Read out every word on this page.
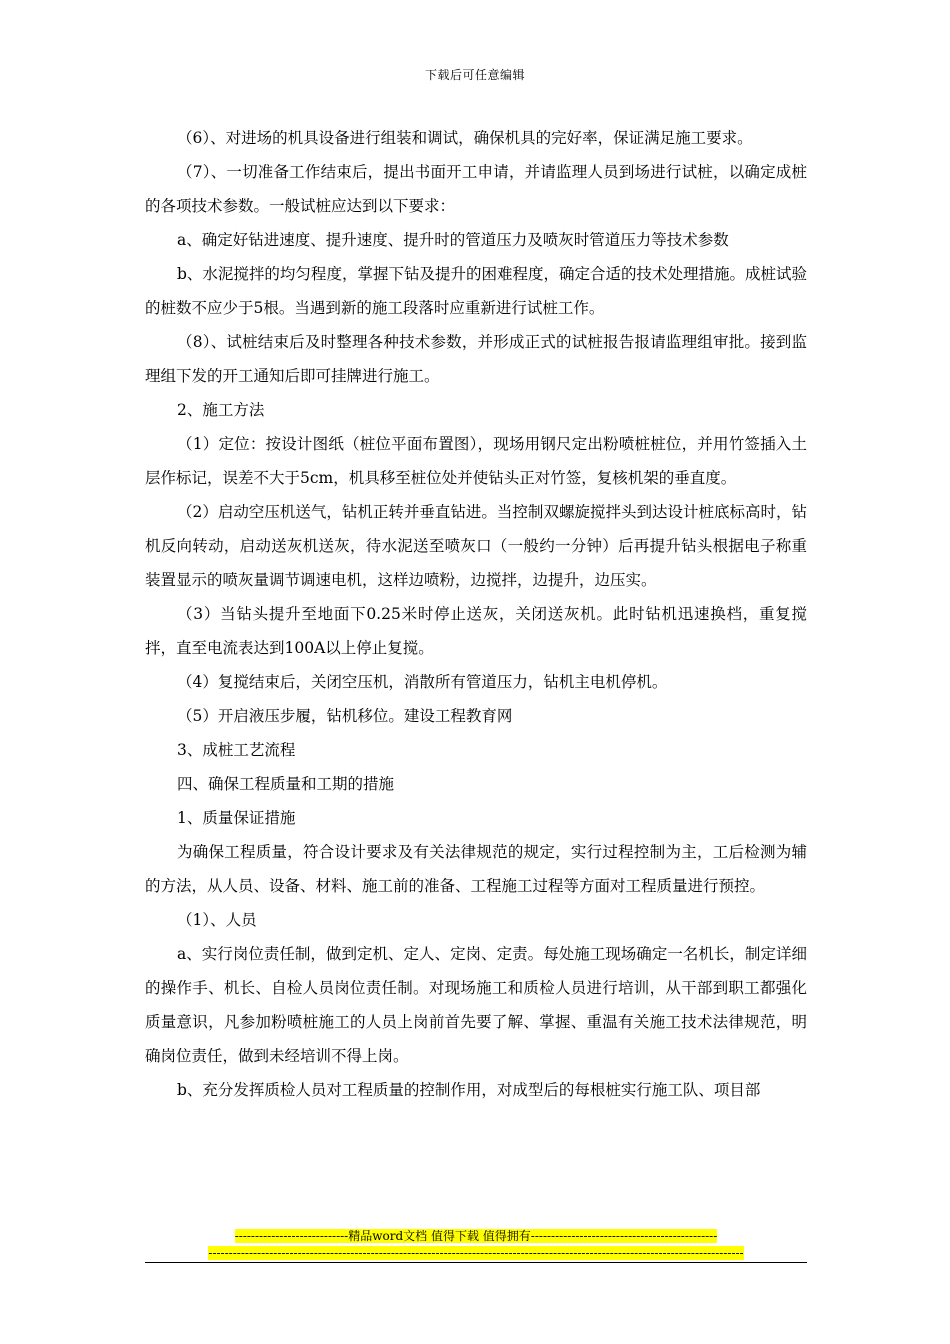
下载后可任意编辑

（6）、对进场的机具设备进行组装和调试，确保机具的完好率，保证满足施工要求。

（7）、一切准备工作结束后，提出书面开工申请，并请监理人员到场进行试桩，以确定成桩的各项技术参数。一般试桩应达到以下要求：

a、确定好钻进速度、提升速度、提升时的管道压力及喷灰时管道压力等技术参数

b、水泥搅拌的均匀程度，掌握下钻及提升的困难程度，确定合适的技术处理措施。成桩试验的桩数不应少于5根。当遇到新的施工段落时应重新进行试桩工作。

（8）、试桩结束后及时整理各种技术参数，并形成正式的试桩报告报请监理组审批。接到监理组下发的开工通知后即可挂牌进行施工。

2、施工方法

（1）定位：按设计图纸（桩位平面布置图），现场用钢尺定出粉喷桩桩位，并用竹签插入土层作标记，误差不大于5cm，机具移至桩位处并使钻头正对竹签，复核机架的垂直度。

（2）启动空压机送气，钻机正转并垂直钻进。当控制双螺旋搅拌头到达设计桩底标高时，钻机反向转动，启动送灰机送灰，待水泥送至喷灰口（一般约一分钟）后再提升钻头根据电子称重装置显示的喷灰量调节调速电机，这样边喷粉，边搅拌，边提升，边压实。

（3）当钻头提升至地面下0.25米时停止送灰，关闭送灰机。此时钻机迅速换档，重复搅拌，直至电流表达到100A以上停止复搅。

（4）复搅结束后，关闭空压机，消散所有管道压力，钻机主电机停机。

（5）开启液压步履，钻机移位。建设工程教育网

3、成桩工艺流程

四、确保工程质量和工期的措施

1、质量保证措施

为确保工程质量，符合设计要求及有关法律规范的规定，实行过程控制为主，工后检测为辅的方法，从人员、设备、材料、施工前的准备、工程施工过程等方面对工程质量进行预控。

（1）、人员

a、实行岗位责任制，做到定机、定人、定岗、定责。每处施工现场确定一名机长，制定详细的操作手、机长、自检人员岗位责任制。对现场施工和质检人员进行培训，从干部到职工都强化质量意识，凡参加粉喷桩施工的人员上岗前首先要了解、掌握、重温有关施工技术法律规范，明确岗位责任，做到未经培训不得上岗。

b、充分发挥质检人员对工程质量的控制作用，对成型后的每根桩实行施工队、项目部

----------------------------精品word文档 值得下载 值得拥有----------------------------------------------
------------------------------------------------------------------------------------------------------------------------------------
